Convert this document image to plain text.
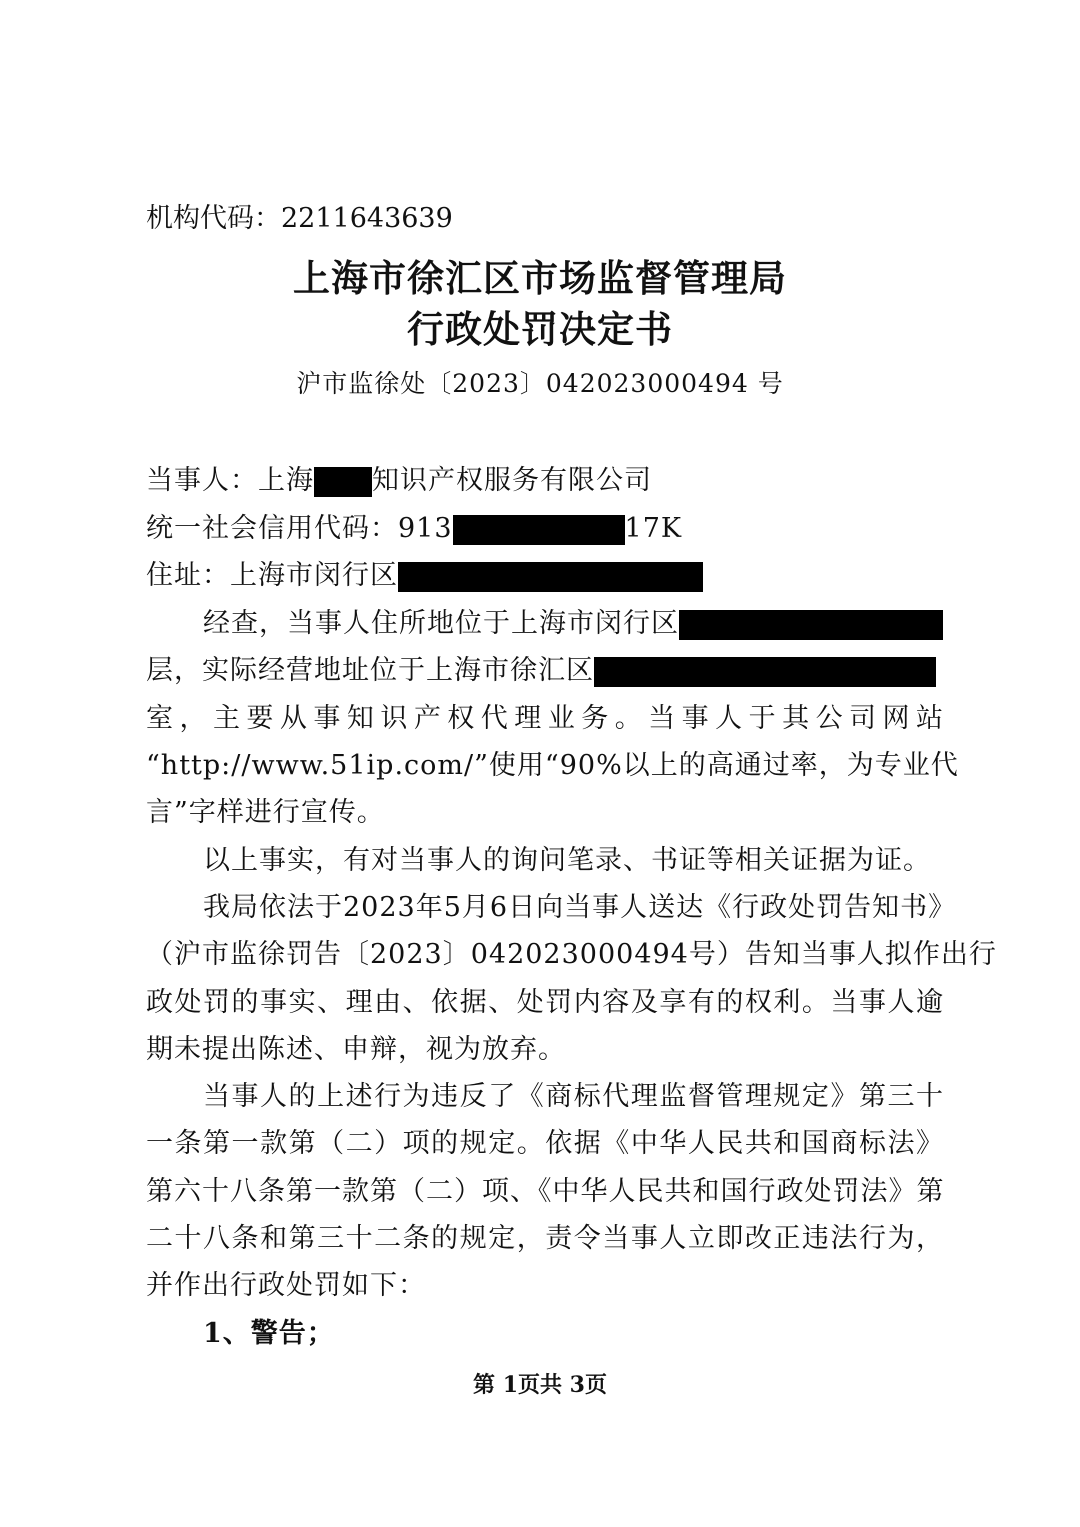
机构代码：2211643639
上海市徐汇区市场监督管理局
行政处罚决定书
沪市监徐处〔2023〕042023000494 号
当事人：上海 知识产权服务有限公司
统一社会信用代码：913	17K
住址：上海市闵行区
经查，当事人住所地位于上海市闵行区
层，实际经营地址位于上海市徐汇区
室，主要从事知识产权代理业务。当事人于其公司网站
“http://www.51ip.com/”使用“90%以上的高通过率，为专业代
言”字样进行宣传。
以上事实，有对当事人的询问笔录、书证等相关证据为证。
我局依法于2023年5月6日向当事人送达《行政处罚告知书》
（沪市监徐罚告〔2023〕042023000494号）告知当事人拟作出行
政处罚的事实、理由、依据、处罚内容及享有的权利。当事人逾
期未提出陈述、申辩，视为放弃。
当事人的上述行为违反了《商标代理监督管理规定》第三十
一条第一款第（二）项的规定。依据《中华人民共和国商标法》
第六十八条第一款第（二）项、《中华人民共和国行政处罚法》第
二十八条和第三十二条的规定，责令当事人立即改正违法行为，
并作出行政处罚如下：
1、警告；
第 1页共 3页
